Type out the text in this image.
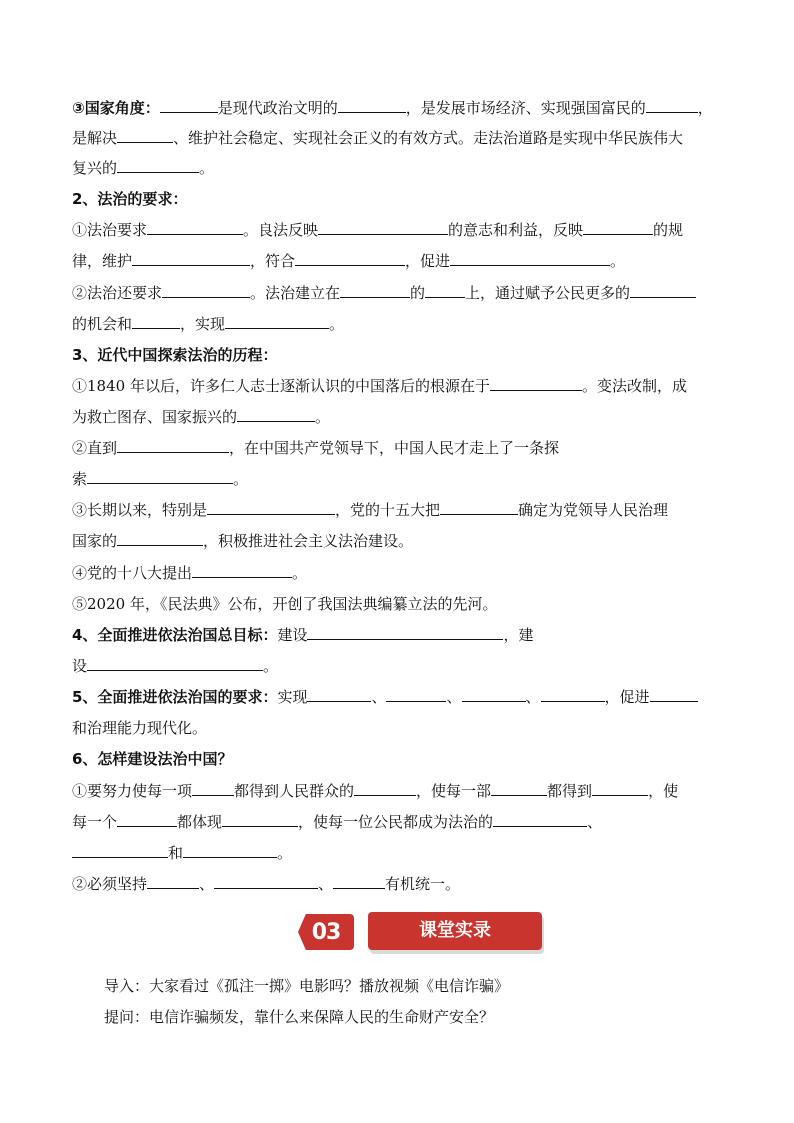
③国家角度：	是现代政治文明的	，是发展市场经济、实现强国富民的	，
是解决	、维护社会稳定、实现社会正义的有效方式。走法治道路是实现中华民族伟大
复兴的	。
2、法治的要求：
①法治要求	。良法反映	的意志和利益，反映	的规
律，维护	，符合	，促进	。
②法治还要求	。法治建立在	的	上，通过赋予公民更多的
的机会和	，实现	。
3、近代中国探索法治的历程：
①1840 年以后，许多仁人志士逐渐认识的中国落后的根源在于	。变法改制，成
为救亡图存、国家振兴的	。
②直到	，在中国共产党领导下，中国人民才走上了一条探
索	。
③长期以来，特别是	，党的十五大把	确定为党领导人民治理
国家的	，积极推进社会主义法治建设。
④党的十八大提出	。
⑤2020 年，《民法典》公布，开创了我国法典编纂立法的先河。
4、全面推进依法治国总目标：建设	，建
设	。
5、全面推进依法治国的要求：实现	、	、	、	，促进
和治理能力现代化。
6、怎样建设法治中国？
①要努力使每一项	都得到人民群众的	，使每一部	都得到	，使
每一个	都体现	，使每一位公民都成为法治的	、
和	。
②必须坚持	、	、	有机统一。
03	课堂实录
导入：大家看过《孤注一掷》电影吗？播放视频《电信诈骗》
提问：电信诈骗频发，靠什么来保障人民的生命财产安全？
